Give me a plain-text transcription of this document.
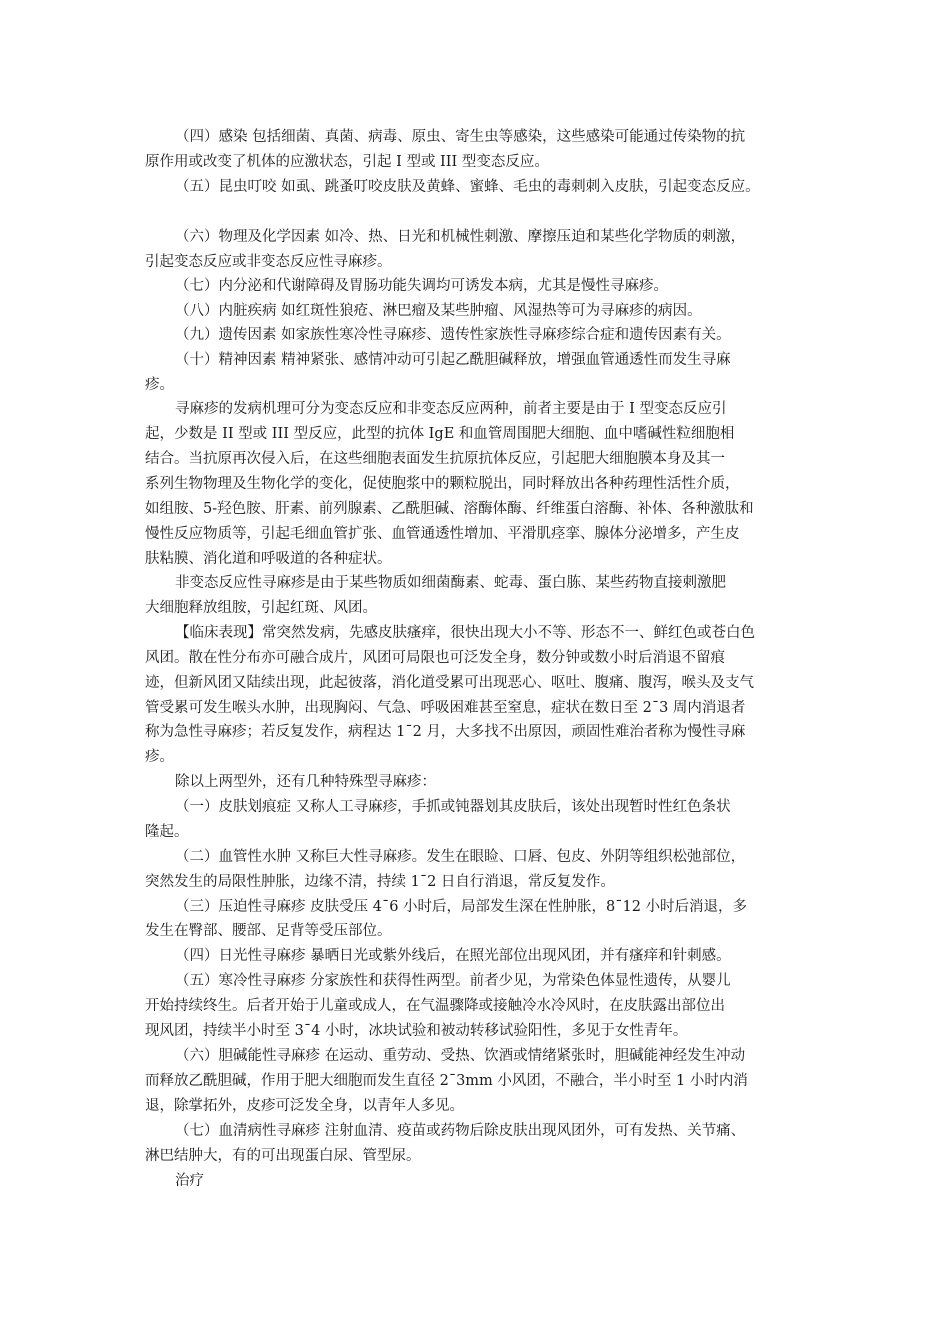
（四）感染 包括细菌、真菌、病毒、原虫、寄生虫等感染，这些感染可能通过传染物的抗
原作用或改变了机体的应激状态，引起 I 型或 III 型变态反应。
（五）昆虫叮咬 如虱、跳蚤叮咬皮肤及黄蜂、蜜蜂、毛虫的毒刺刺入皮肤，引起变态反应。
（六）物理及化学因素 如冷、热、日光和机械性刺激、摩擦压迫和某些化学物质的刺激，
引起变态反应或非变态反应性寻麻疹。
（七）内分泌和代谢障碍及胃肠功能失调均可诱发本病，尤其是慢性寻麻疹。
（八）内脏疾病 如红斑性狼疮、淋巴瘤及某些肿瘤、风湿热等可为寻麻疹的病因。
（九）遗传因素 如家族性寒冷性寻麻疹、遗传性家族性寻麻疹综合症和遗传因素有关。
（十）精神因素 精神紧张、感情冲动可引起乙酰胆碱释放，增强血管通透性而发生寻麻
疹。
寻麻疹的发病机理可分为变态反应和非变态反应两种，前者主要是由于 I 型变态反应引
起，少数是 II 型或 III 型反应，此型的抗体 IgE 和血管周围肥大细胞、血中嗜碱性粒细胞相
结合。当抗原再次侵入后，在这些细胞表面发生抗原抗体反应，引起肥大细胞膜本身及其一
系列生物物理及生物化学的变化，促使胞浆中的颗粒脱出，同时释放出各种药理性活性介质，
如组胺、5-羟色胺、肝素、前列腺素、乙酰胆碱、溶酶体酶、纤维蛋白溶酶、补体、各种激肽和
慢性反应物质等，引起毛细血管扩张、血管通透性增加、平滑肌痉挛、腺体分泌增多，产生皮
肤粘膜、消化道和呼吸道的各种症状。
非变态反应性寻麻疹是由于某些物质如细菌酶素、蛇毒、蛋白胨、某些药物直接刺激肥
大细胞释放组胺，引起红斑、风团。
【临床表现】常突然发病，先感皮肤瘙痒，很快出现大小不等、形态不一、鲜红色或苍白色
风团。散在性分布亦可融合成片，风团可局限也可泛发全身，数分钟或数小时后消退不留痕
迹，但新风团又陆续出现，此起彼落，消化道受累可出现恶心、呕吐、腹痛、腹泻，喉头及支气
管受累可发生喉头水肿，出现胸闷、气急、呼吸困难甚至窒息，症状在数日至 2¯3 周内消退者
称为急性寻麻疹；若反复发作，病程达 1¯2 月，大多找不出原因，顽固性难治者称为慢性寻麻
疹。
除以上两型外，还有几种特殊型寻麻疹：
（一）皮肤划痕症 又称人工寻麻疹，手抓或钝器划其皮肤后，该处出现暂时性红色条状
隆起。
（二）血管性水肿 又称巨大性寻麻疹。发生在眼睑、口唇、包皮、外阴等组织松弛部位，
突然发生的局限性肿胀，边缘不清，持续 1¯2 日自行消退，常反复发作。
（三）压迫性寻麻疹 皮肤受压 4¯6 小时后，局部发生深在性肿胀，8¯12 小时后消退，多
发生在臀部、腰部、足背等受压部位。
（四）日光性寻麻疹 暴晒日光或紫外线后，在照光部位出现风团，并有瘙痒和针刺感。
（五）寒冷性寻麻疹 分家族性和获得性两型。前者少见，为常染色体显性遗传，从婴儿
开始持续终生。后者开始于儿童或成人，在气温骤降或接触冷水冷风时，在皮肤露出部位出
现风团，持续半小时至 3¯4 小时，冰块试验和被动转移试验阳性，多见于女性青年。
（六）胆碱能性寻麻疹 在运动、重劳动、受热、饮酒或情绪紧张时，胆碱能神经发生冲动
而释放乙酰胆碱，作用于肥大细胞而发生直径 2¯3mm 小风团，不融合，半小时至 1 小时内消
退，除掌拓外，皮疹可泛发全身，以青年人多见。
（七）血清病性寻麻疹 注射血清、疫苗或药物后除皮肤出现风团外，可有发热、关节痛、
淋巴结肿大，有的可出现蛋白尿、管型尿。
治疗
